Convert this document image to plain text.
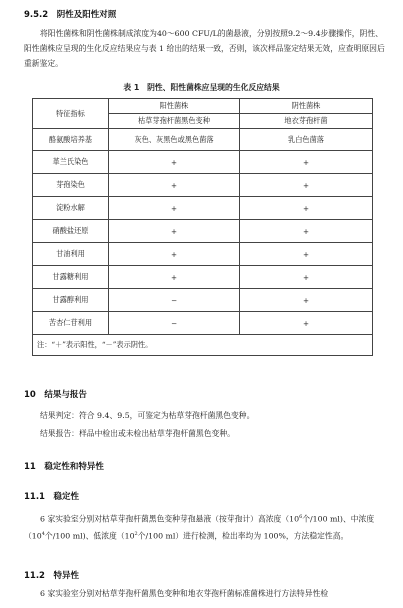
9.5.2　阴性及阳性对照
将阳性菌株和阴性菌株制成浓度为40～600 CFU/L的菌悬液，分别按照9.2～9.4步骤操作，阴性、阳性菌株应呈现的生化反应结果应与表 1 给出的结果一致，否则，该次样品鉴定结果无效，应查明原因后重新鉴定。
表 1　阴性、阳性菌株应呈现的生化反应结果
特征指标	阳性菌株	阴性菌株
	枯草芽孢杆菌黑色变种	地衣芽孢杆菌
酪氨酸培养基	灰色、灰黑色或黑色菌落	乳白色菌落
革兰氏染色	+	+
芽孢染色	+	+
淀粉水解	+	+
硝酸盐还原	+	+
甘油利用	+	+
甘露糖利用	+	+
甘露醇利用	−	+
苦杏仁苷利用	−	+
注：“＋”表示阳性，“－”表示阴性。		
10　结果与报告
结果判定：符合 9.4、9.5，可鉴定为枯草芽孢杆菌黑色变种。
结果报告：样品中检出或未检出枯草芽孢杆菌黑色变种。
11　稳定性和特异性
11.1　稳定性
6 家实验室分别对枯草芽孢杆菌黑色变种芽孢悬液（按芽孢计）高浓度（$10^6$个/100 ml)、中浓度（$10^4$个/100 ml)、低浓度（$10^2$个/100 ml）进行检测，检出率均为 100%，方法稳定性高。
11.2　特异性
6 家实验室分别对枯草芽孢杆菌黑色变种和地衣芽孢杆菌标准菌株进行方法特异性检
